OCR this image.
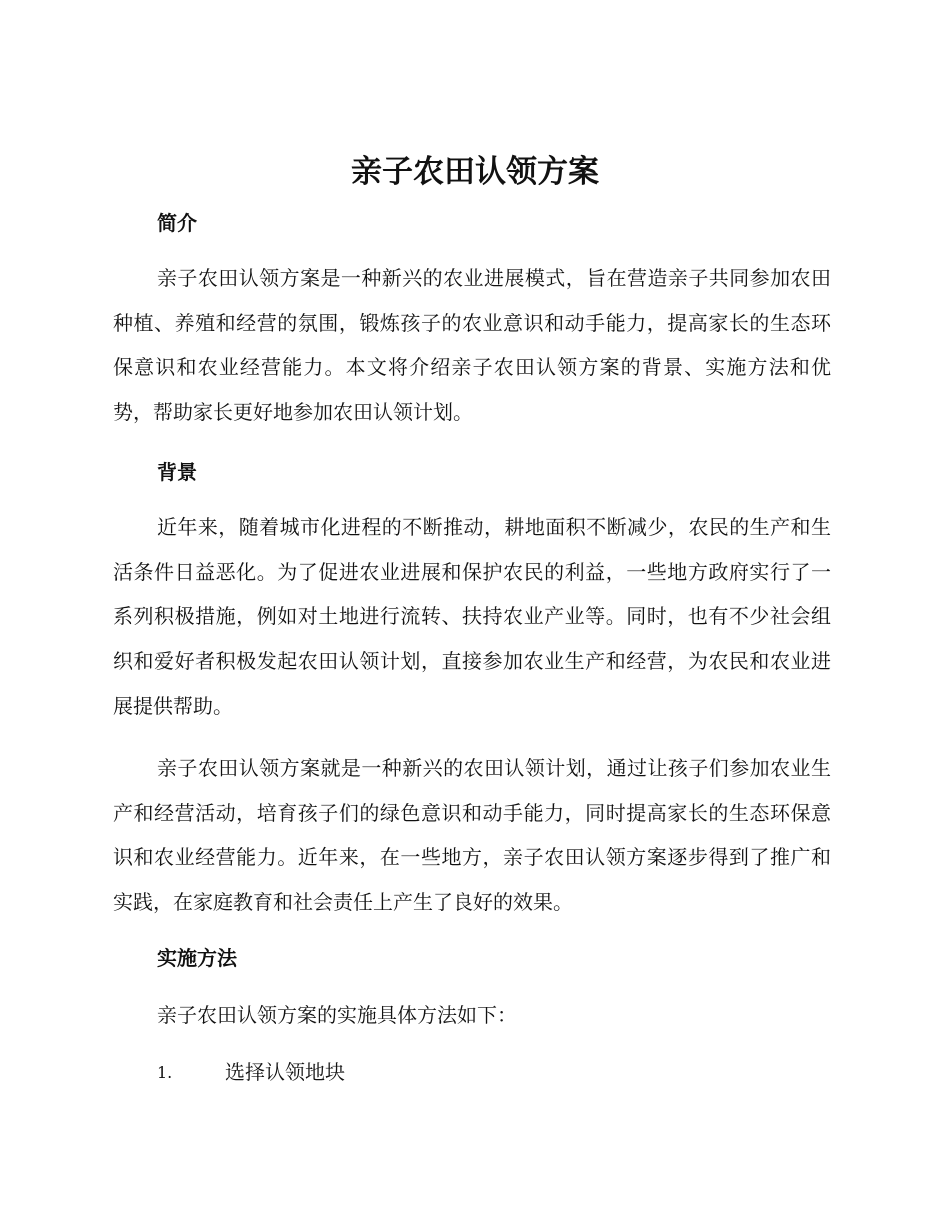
亲子农田认领方案
简介

亲子农田认领方案是一种新兴的农业进展模式，旨在营造亲子共同参加农田种植、养殖和经营的氛围，锻炼孩子的农业意识和动手能力，提高家长的生态环保意识和农业经营能力。本文将介绍亲子农田认领方案的背景、实施方法和优势，帮助家长更好地参加农田认领计划。

背景

近年来，随着城市化进程的不断推动，耕地面积不断减少，农民的生产和生活条件日益恶化。为了促进农业进展和保护农民的利益，一些地方政府实行了一系列积极措施，例如对土地进行流转、扶持农业产业等。同时，也有不少社会组织和爱好者积极发起农田认领计划，直接参加农业生产和经营，为农民和农业进展提供帮助。

亲子农田认领方案就是一种新兴的农田认领计划，通过让孩子们参加农业生产和经营活动，培育孩子们的绿色意识和动手能力，同时提高家长的生态环保意识和农业经营能力。近年来，在一些地方，亲子农田认领方案逐步得到了推广和实践，在家庭教育和社会责任上产生了良好的效果。

实施方法

亲子农田认领方案的实施具体方法如下：

1.	选择认领地块
